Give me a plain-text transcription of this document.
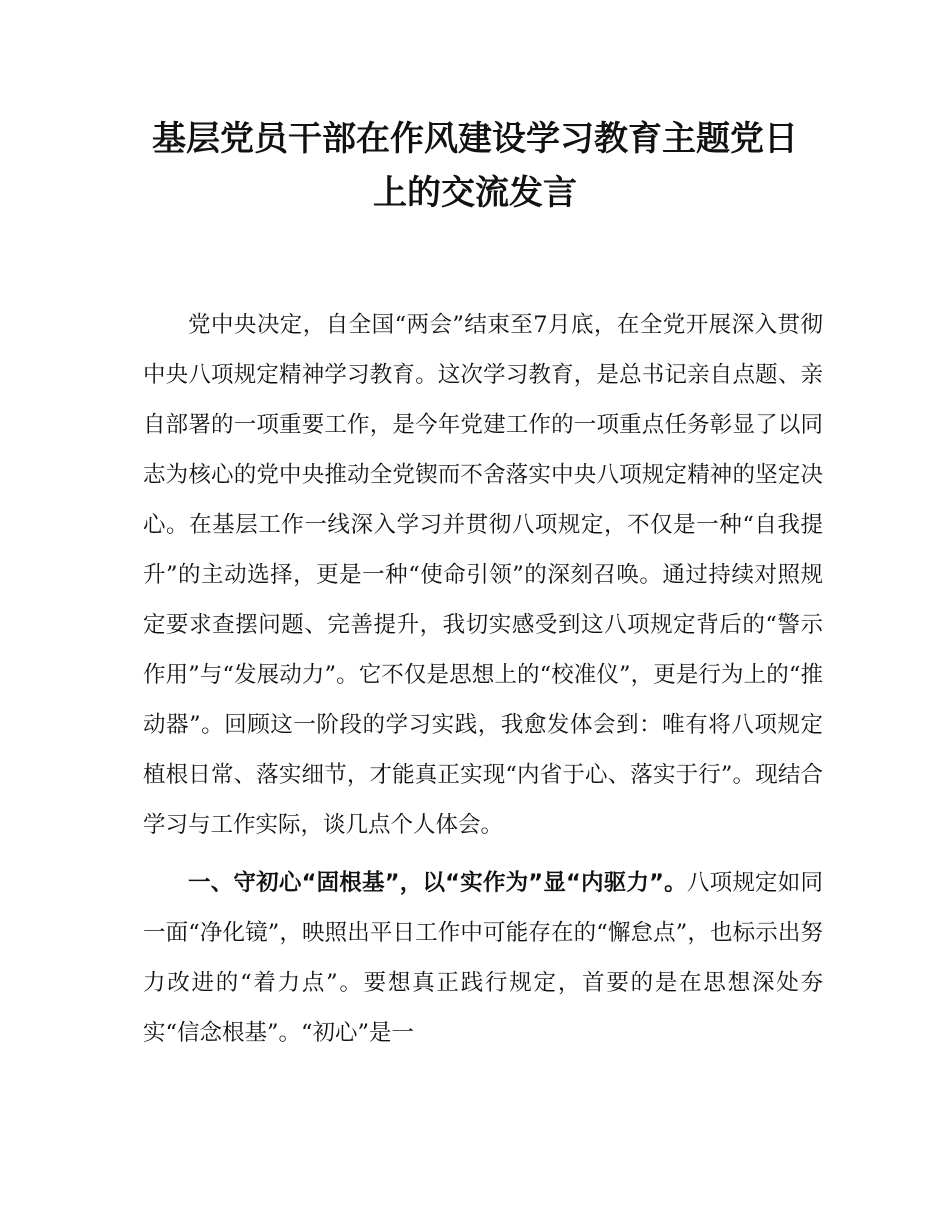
基层党员干部在作风建设学习教育主题党日
上的交流发言

党中央决定，自全国“两会”结束至7月底，在全党开展深入贯彻中央八项规定精神学习教育。这次学习教育，是总书记亲自点题、亲自部署的一项重要工作，是今年党建工作的一项重点任务彰显了以同志为核心的党中央推动全党锲而不舍落实中央八项规定精神的坚定决心。在基层工作一线深入学习并贯彻八项规定，不仅是一种“自我提升”的主动选择，更是一种“使命引领”的深刻召唤。通过持续对照规定要求查摆问题、完善提升，我切实感受到这八项规定背后的“警示作用”与“发展动力”。它不仅是思想上的“校准仪”，更是行为上的“推动器”。回顾这一阶段的学习实践，我愈发体会到：唯有将八项规定植根日常、落实细节，才能真正实现“内省于心、落实于行”。现结合学习与工作实际，谈几点个人体会。

一、守初心“固根基”，以“实作为”显“内驱力”。八项规定如同一面“净化镜”，映照出平日工作中可能存在的“懈怠点”，也标示出努力改进的“着力点”。要想真正践行规定，首要的是在思想深处夯实“信念根基”。“初心”是一
